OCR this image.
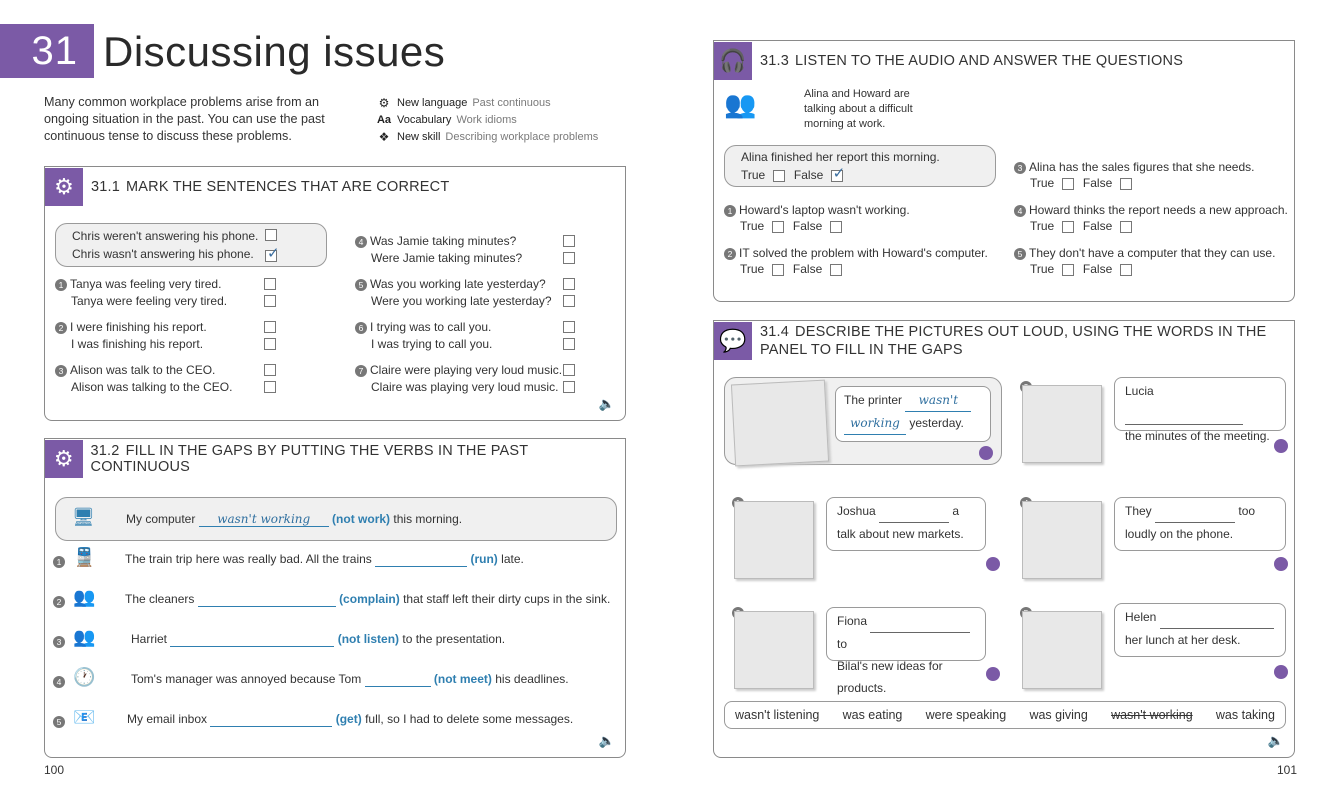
31 Discussing issues
Many common workplace problems arise from an ongoing situation in the past. You can use the past continuous tense to discuss these problems.
⚙ New language Past continuous
Aa Vocabulary Work idioms
❖ New skill Describing workplace problems
⚙	31.1 MARK THE SENTENCES THAT ARE CORRECT
Chris weren't answering his phone.
Chris wasn't answering his phone.
✓
1 Tanya was feeling very tired.
Tanya were feeling very tired.
2 I were finishing his report.
I was finishing his report.
3 Alison was talk to the CEO.
Alison was talking to the CEO.
4 Was Jamie taking minutes?
Were Jamie taking minutes?
5 Was you working late yesterday?
Were you working late yesterday?
6 I trying was to call you.
I was trying to call you.
7 Claire were playing very loud music.
Claire was playing very loud music.
🔈
⚙	31.2 FILL IN THE GAPS BY PUTTING THE VERBS IN THE PAST CONTINUOUS
🖥	My computer wasn't working (not work) this morning.
1 🚆 The train trip here was really bad. All the trains	(run) late.
2 👥 The cleaners	(complain) that staff left their dirty cups in the sink.
3 👥	Harriet	(not listen) to the presentation.
4 🕐	Tom's manager was annoyed because Tom	(not meet) his deadlines.
5 📧	My email inbox	(get) full, so I had to delete some messages.
🔈
100
🎧 31.3 LISTEN TO THE AUDIO AND ANSWER THE QUESTIONS
👥	Alina and Howard are talking about a difficult morning at work.
Alina finished her report this morning.
True False ✓
1 Howard's laptop wasn't working.
True False
2 IT solved the problem with Howard's computer.
True False
3 Alina has the sales figures that she needs.
True False
4 Howard thinks the report needs a new approach.
True False
5 They don't have a computer that they can use.
True False
💬 31.4 DESCRIBE THE PICTURES OUT LOUD, USING THE WORDS IN THE
PANEL TO FILL IN THE GAPS
The printer wasn't
working yesterday.
Joshua	a
talk about new markets.
Fiona   to
Bilal's new ideas for products.
Lucia
the minutes of the meeting.
They	too
loudly on the phone.
Helen
her lunch at her desk.
wasn't listening was eating were speaking was giving wasn't working was taking
🔈
101
